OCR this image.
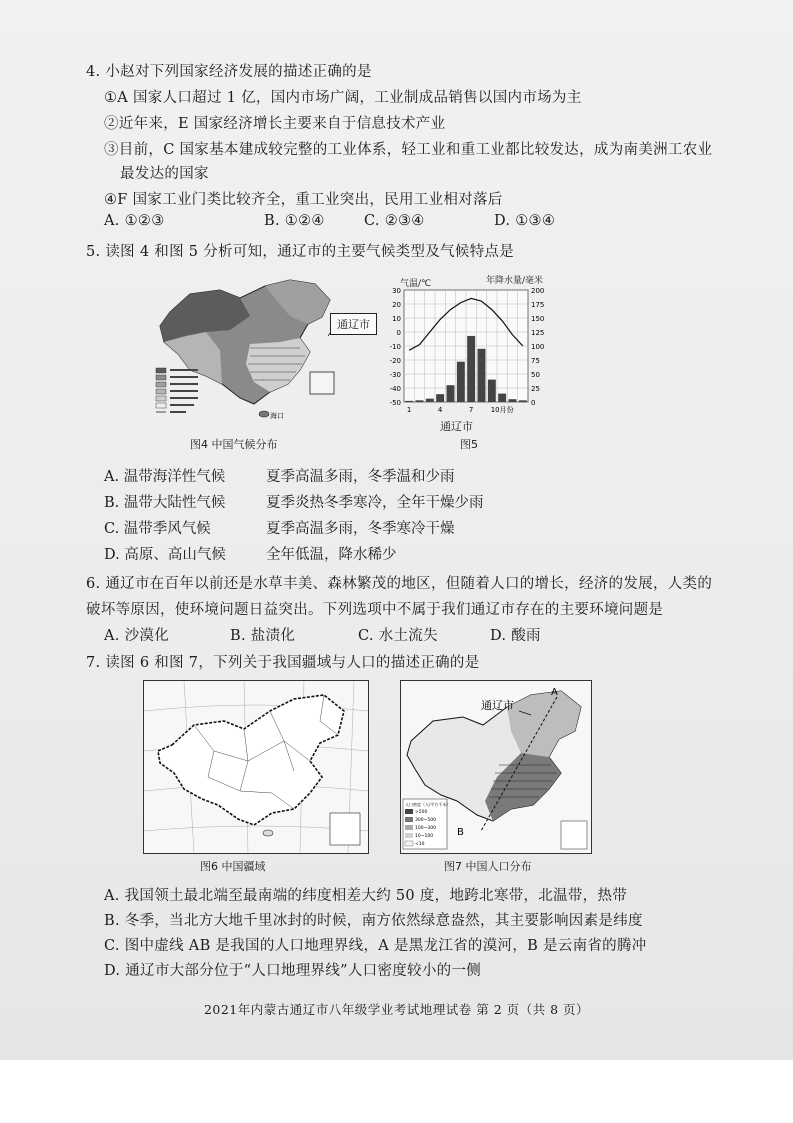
4. 小赵对下列国家经济发展的描述正确的是
①A 国家人口超过 1 亿，国内市场广阔，工业制成品销售以国内市场为主
②近年来，E 国家经济增长主要来自于信息技术产业
③目前，C 国家基本建成较完整的工业体系，轻工业和重工业都比较发达，成为南美洲工农业
最发达的国家
④F 国家工业门类比较齐全，重工业突出，民用工业相对落后
A. ①②③	B. ①②④	C. ②③④	D. ①③④
5. 读图 4 和图 5 分析可知，通辽市的主要气候类型及气候特点是
海口
通辽市
图4 中国气候分布
气温/℃	年降水量/毫米
30
20
10
0
-10
-20
-30
-40
-50
200
175
150
125
100
75
50
25
0
1	4	7 10月份
通辽市
图5
A. 温带海洋性气候	夏季高温多雨，冬季温和少雨
B. 温带大陆性气候	夏季炎热冬季寒冷，全年干燥少雨
C. 温带季风气候	夏季高温多雨，冬季寒冷干燥
D. 高原、高山气候	全年低温，降水稀少
6. 通辽市在百年以前还是水草丰美、森林繁茂的地区，但随着人口的增长，经济的发展，人类的
破坏等原因，使环境问题日益突出。下列选项中不属于我们通辽市存在的主要环境问题是
A. 沙漠化	B. 盐渍化	C. 水土流失	D. 酸雨
7. 读图 6 和图 7，下列关于我国疆域与人口的描述正确的是
图6 中国疆域
A
B
通辽市
人口密度（人/平方千米）
>500
300~500
100~300
10~100
<10
图7 中国人口分布
A. 我国领土最北端至最南端的纬度相差大约 50 度，地跨北寒带，北温带，热带
B. 冬季，当北方大地千里冰封的时候，南方依然绿意盎然，其主要影响因素是纬度
C. 图中虚线 AB 是我国的人口地理界线，A 是黑龙江省的漠河，B 是云南省的腾冲
D. 通辽市大部分位于“人口地理界线”人口密度较小的一侧
2021年内蒙古通辽市八年级学业考试地理试卷 第 2 页（共 8 页）
